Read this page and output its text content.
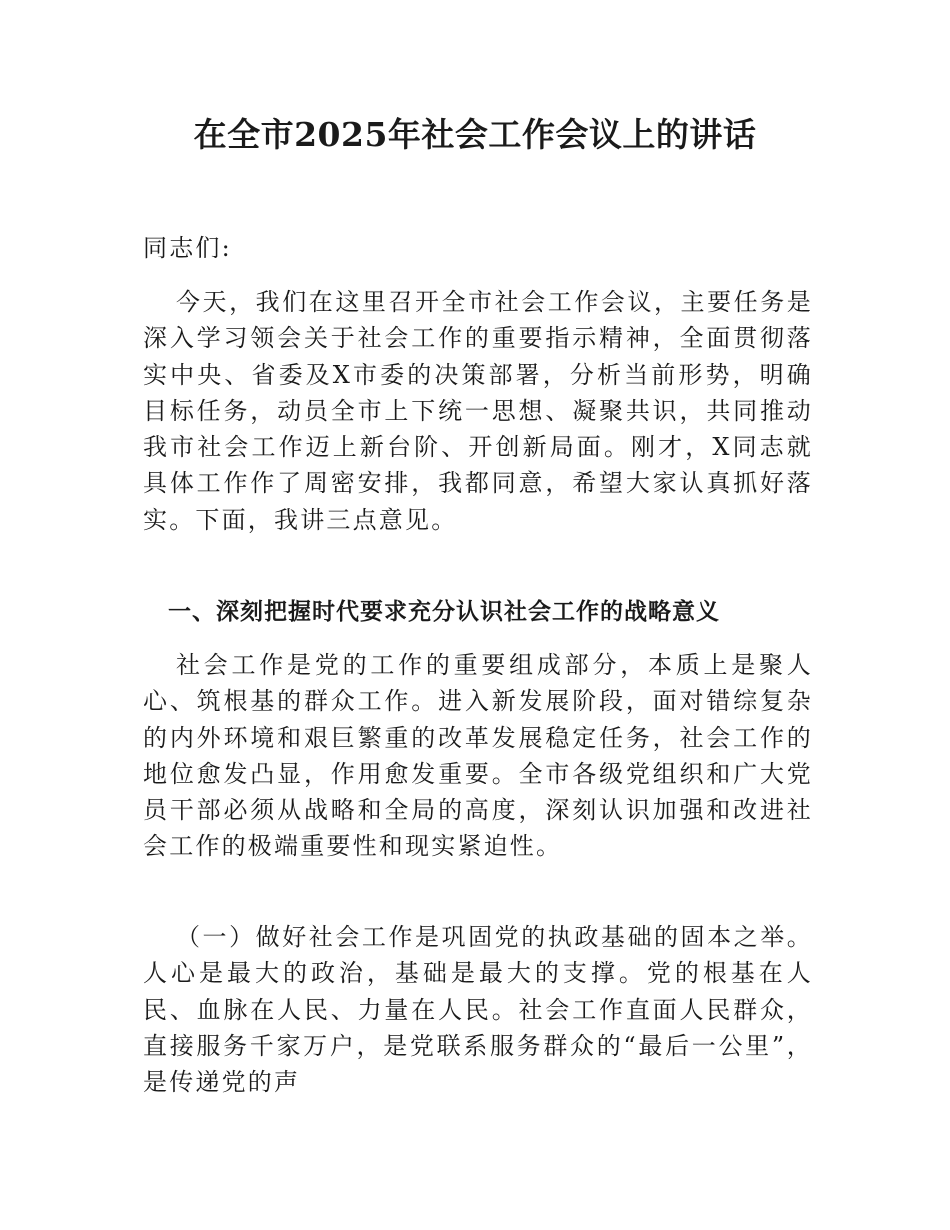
在全市2025年社会工作会议上的讲话

同志们:

今天，我们在这里召开全市社会工作会议，主要任务是深入学习领会关于社会工作的重要指示精神，全面贯彻落实中央、省委及X市委的决策部署，分析当前形势，明确目标任务，动员全市上下统一思想、凝聚共识，共同推动我市社会工作迈上新台阶、开创新局面。刚才，X同志就具体工作作了周密安排，我都同意，希望大家认真抓好落实。下面，我讲三点意见。

一、深刻把握时代要求充分认识社会工作的战略意义

社会工作是党的工作的重要组成部分，本质上是聚人心、筑根基的群众工作。进入新发展阶段，面对错综复杂的内外环境和艰巨繁重的改革发展稳定任务，社会工作的地位愈发凸显，作用愈发重要。全市各级党组织和广大党员干部必须从战略和全局的高度，深刻认识加强和改进社会工作的极端重要性和现实紧迫性。

（一）做好社会工作是巩固党的执政基础的固本之举。人心是最大的政治，基础是最大的支撑。党的根基在人民、血脉在人民、力量在人民。社会工作直面人民群众，直接服务千家万户，是党联系服务群众的“最后一公里”，是传递党的声
